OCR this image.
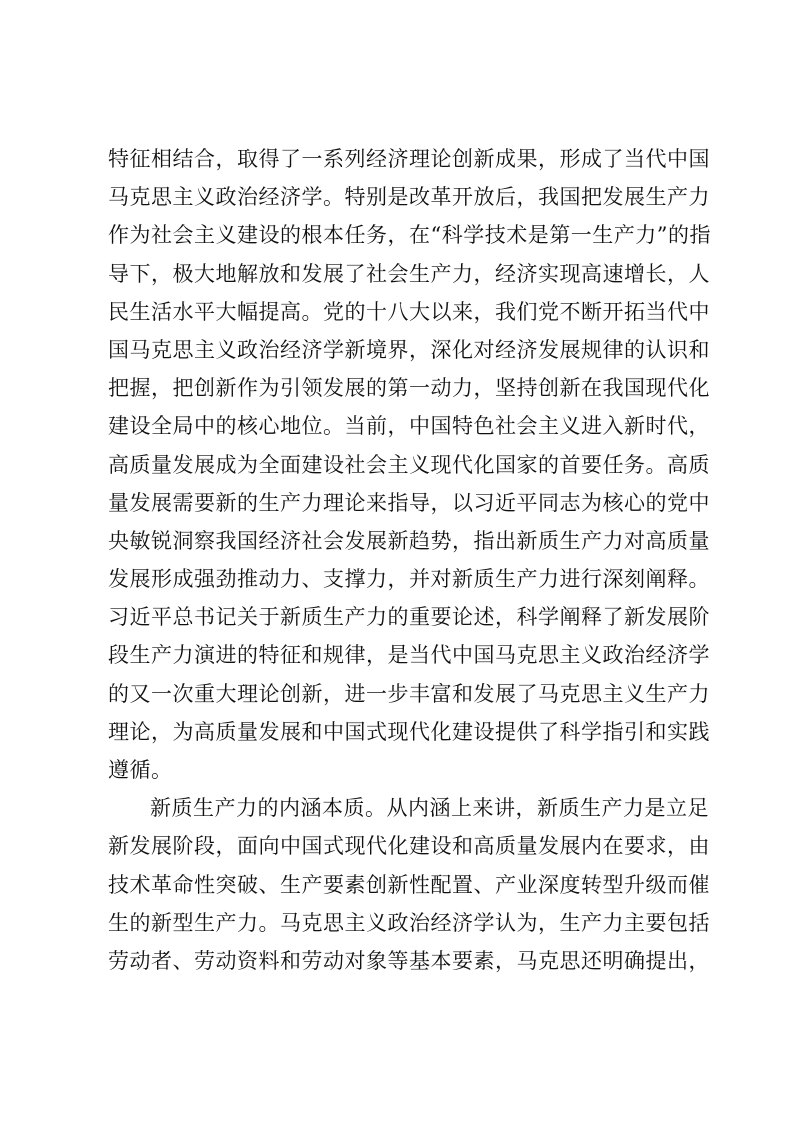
特征相结合，取得了一系列经济理论创新成果，形成了当代中国
马克思主义政治经济学。特别是改革开放后，我国把发展生产力
作为社会主义建设的根本任务，在“科学技术是第一生产力”的指
导下，极大地解放和发展了社会生产力，经济实现高速增长，人
民生活水平大幅提高。党的十八大以来，我们党不断开拓当代中
国马克思主义政治经济学新境界，深化对经济发展规律的认识和
把握，把创新作为引领发展的第一动力，坚持创新在我国现代化
建设全局中的核心地位。当前，中国特色社会主义进入新时代，
高质量发展成为全面建设社会主义现代化国家的首要任务。高质
量发展需要新的生产力理论来指导，以习近平同志为核心的党中
央敏锐洞察我国经济社会发展新趋势，指出新质生产力对高质量
发展形成强劲推动力、支撑力，并对新质生产力进行深刻阐释。
习近平总书记关于新质生产力的重要论述，科学阐释了新发展阶
段生产力演进的特征和规律，是当代中国马克思主义政治经济学
的又一次重大理论创新，进一步丰富和发展了马克思主义生产力
理论，为高质量发展和中国式现代化建设提供了科学指引和实践
遵循。
新质生产力的内涵本质。从内涵上来讲，新质生产力是立足
新发展阶段，面向中国式现代化建设和高质量发展内在要求，由
技术革命性突破、生产要素创新性配置、产业深度转型升级而催
生的新型生产力。马克思主义政治经济学认为，生产力主要包括
劳动者、劳动资料和劳动对象等基本要素，马克思还明确提出，
